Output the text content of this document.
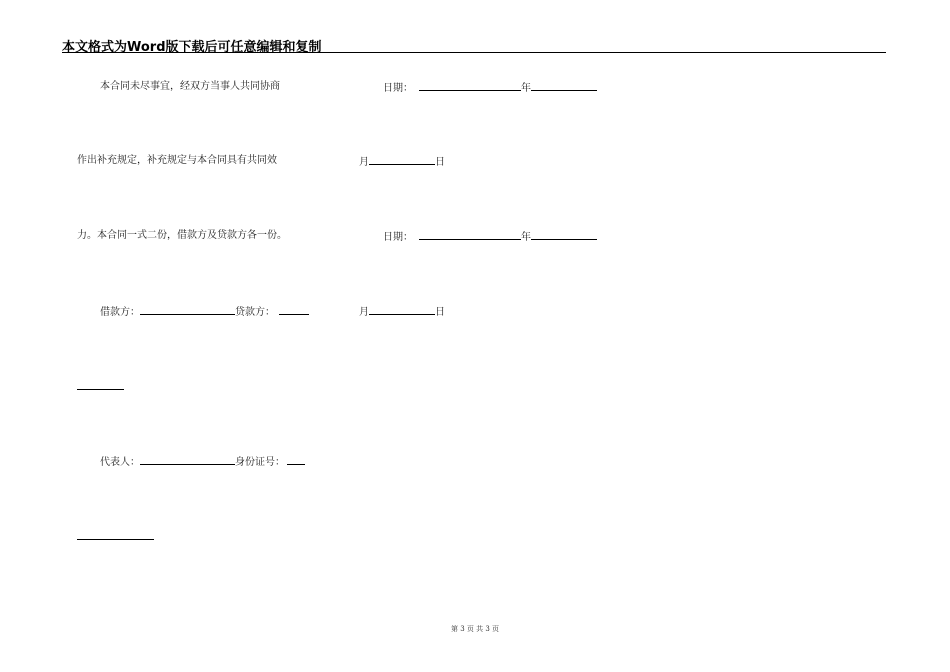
本文格式为Word版下载后可任意编辑和复制
本合同未尽事宜，经双方当事人共同协商
作出补充规定，补充规定与本合同具有共同效
力。本合同一式二份，借款方及贷款方各一份。
借款方：	贷款方：
代表人：	身份证号：
日期：	年
月	日
日期：	年
月	日
第 3 页 共 3 页
